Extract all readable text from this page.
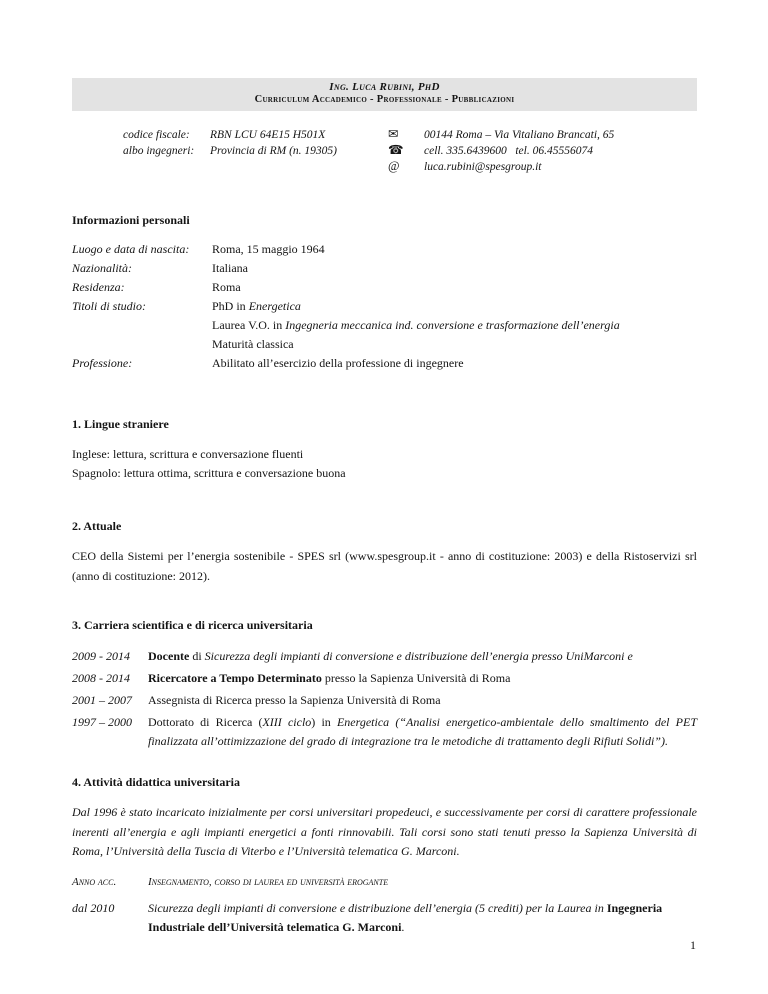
Ing. Luca Rubini, PhD
Curriculum Accademico - Professionale - Pubblicazioni
codice fiscale: RBN LCU 64E15 H501X
albo ingegneri: Provincia di RM (n. 19305)
✉	00144 Roma – Via Vitaliano Brancati, 65
☎	cell. 335.6439600   tel. 06.45556074
@	luca.rubini@spesgroup.it
Informazioni personali
Luogo e data di nascita:	Roma, 15 maggio 1964
Nazionalità:	Italiana
Residenza:	Roma
Titoli di studio:	PhD in Energetica
Laurea V.O. in Ingegneria meccanica ind. conversione e trasformazione dell’energia
Maturità classica
Professione:	Abilitato all’esercizio della professione di ingegnere
1. Lingue straniere
Inglese: lettura, scrittura e conversazione fluenti
Spagnolo: lettura ottima, scrittura e conversazione buona
2. Attuale
CEO della Sistemi per l’energia sostenibile - SPES srl (www.spesgroup.it - anno di costituzione: 2003) e della Ristoservizi srl (anno di costituzione: 2012).
3. Carriera scientifica e di ricerca universitaria
2009 - 2014	Docente di Sicurezza degli impianti di conversione e distribuzione dell’energia presso UniMarconi e
2008 - 2014	Ricercatore a Tempo Determinato presso la Sapienza Università di Roma
2001 – 2007	Assegnista di Ricerca presso la Sapienza Università di Roma
1997 – 2000	Dottorato di Ricerca (XIII ciclo) in Energetica (“Analisi energetico-ambientale dello smaltimento del PET finalizzata all’ottimizzazione del grado di integrazione tra le metodiche di trattamento degli Rifiuti Solidi”).
4. Attività didattica universitaria
Dal 1996 è stato incaricato inizialmente per corsi universitari propedeuci, e successivamente per corsi di carattere professionale inerenti all’energia e agli impianti energetici a fonti rinnovabili. Tali corsi sono stati tenuti presso la Sapienza Università di Roma, l’Università della Tuscia di Viterbo e l’Università telematica G. Marconi.
Anno acc.	Insegnamento, corso di laurea ed università erogante
dal 2010	Sicurezza degli impianti di conversione e distribuzione dell’energia (5 crediti) per la Laurea in Ingegneria Industriale dell’Università telematica G. Marconi.
1
